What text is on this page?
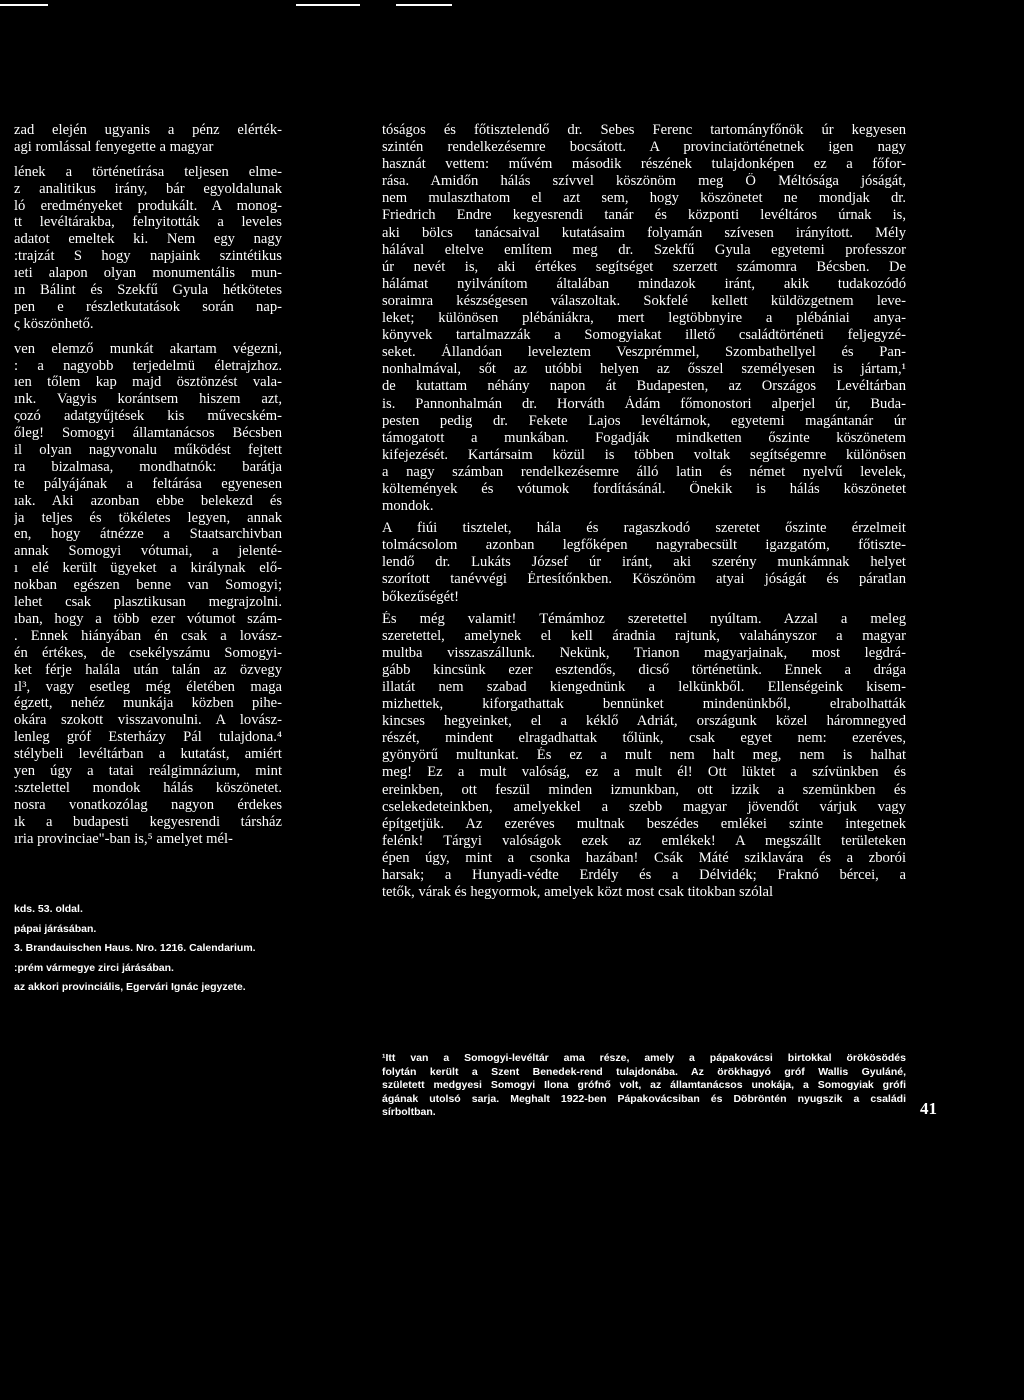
zad elején ugyanis a pénz elérték-
agi romlással fenyegette a magyar
lének a történetírása teljesen elme-
z analitikus irány, bár egyoldalunak
ló eredményeket produkált. A monog-
tt levéltárakba, felnyitották a leveles
adatot emeltek ki. Nem egy nagy
:trajzát S hogy napjaink szintétikus
ıeti alapon olyan monumentális mun-
ın Bálint és Szekfű Gyula hétkötetes
pen e részletkutatások során nap-
ς köszönhető.
ven elemző munkát akartam végezni,
: a nagyobb terjedelmü életrajzhoz.
ıen tőlem kap majd ösztönzést vala-
ınk. Vagyis korántsem hiszem azt,
ςozó adatgyűjtések kis művecském-
őleg! Somogyi államtanácsos Bécsben
il olyan nagyvonalu működést fejtett
ra bizalmasa, mondhatnók: barátja
te pályájának a feltárása egyenesen
ıak. Aki azonban ebbe belekezd és
ja teljes és tökéletes legyen, annak
en, hogy átnézze a Staatsarchivban
annak Somogyi vótumai, a jelenté-
ı elé került ügyeket a királynak elő-
nokban egészen benne van Somogyi;
lehet csak plasztikusan megrajzolni.
ıban, hogy a több ezer vótumot szám-
. Ennek hiányában én csak a lovász-
én értékes, de csekélyszámu Somogyi-
ket férje halála után talán az özvegy
ıl³, vagy esetleg még életében maga
égzett, nehéz munkája közben pihe-
okára szokott visszavonulni. A lovász-
lenleg gróf Esterházy Pál tulajdona.⁴
stélybeli levéltárban a kutatást, amiért
yen úgy a tatai reálgimnázium, mint
:sztelettel mondok hálás köszönetet.
nosra vonatkozólag nagyon érdekes
ık a budapesti kegyesrendi társház
ıria provinciae"-ban is,⁵ amelyet mél-
kds. 53. oldal.
pápai járásában.
3. Brandauischen Haus. Nro. 1216. Calendarium.
:prém vármegye zirci járásában.
az akkori provinciális, Egervári Ignác jegyzete.
tóságos és főtisztelendő dr. Sebes Ferenc tartományfőnök úr kegyesen
szintén rendelkezésemre bocsátott. A provinciatörténetnek igen nagy
hasznát vettem: művém második részének tulajdonképen ez a főfor-
rása. Amidőn hálás szívvel köszönöm meg Ő Méltósága jóságát,
nem mulaszthatom el azt sem, hogy köszönetet ne mondjak dr.
Friedrich Endre kegyesrendi tanár és központi levéltáros úrnak is,
aki bölcs tanácsaival kutatásaim folyamán szívesen irányított. Mély
hálával eltelve említem meg dr. Szekfű Gyula egyetemi professzor
úr nevét is, aki értékes segítséget szerzett számomra Bécsben. De
hálámat nyilvánítom általában mindazok iránt, akik tudakozódó
soraimra készségesen válaszoltak. Sokfelé kellett küldözgetnem leve-
leket; különösen plébániákra, mert legtöbbnyire a plébániai anya-
könyvek tartalmazzák a Somogyiakat illető családtörténeti feljegyzé-
seket. Állandóan leveleztem Veszprémmel, Szombathellyel és Pan-
nonhalmával, sőt az utóbbi helyen az ősszel személyesen is jártam,¹
de kutattam néhány napon át Budapesten, az Országos Levéltárban
is. Pannonhalmán dr. Horváth Ádám főmonostori alperjel úr, Buda-
pesten pedig dr. Fekete Lajos levéltárnok, egyetemi magántanár úr
támogatott a munkában. Fogadják mindketten őszinte köszönetem
kifejezését. Kartársaim közül is többen voltak segítségemre különösen
a nagy számban rendelkezésemre álló latin és német nyelvű levelek,
költemények és vótumok fordításánál. Őnekik is hálás köszönetet
mondok.
A fiúi tisztelet, hála és ragaszkodó szeretet őszinte érzelmeit
tolmácsolom azonban legfőképen nagyrabecsült igazgatóm, főtiszte-
lendő dr. Lukáts József úr iránt, aki szerény munkámnak helyet
szorított tanévvégi Értesítőnkben. Köszönöm atyai jóságát és páratlan
bőkezűségét!
És még valamit! Témámhoz szeretettel nyúltam. Azzal a meleg
szeretettel, amelynek el kell áradnia rajtunk, valahányszor a magyar
multba visszaszállunk. Nekünk, Trianon magyarjainak, most legdrá-
gább kincsünk ezer esztendős, dicső történetünk. Ennek a drága
illatát nem szabad kiengednünk a lelkünkből. Ellenségeink kisem-
mizhettek, kiforgathattak bennünket mindenünkből, elrabolhatták
kincses hegyeinket, el a kéklő Adriát, országunk közel háromnegyed
részét, mindent elragadhattak tőlünk, csak egyet nem: ezeréves,
gyönyörű multunkat. És ez a mult nem halt meg, nem is halhat
meg! Ez a mult valóság, ez a mult él! Ott lüktet a szívünkben és
ereinkben, ott feszül minden izmunkban, ott izzik a szemünkben és
cselekedeteinkben, amelyekkel a szebb magyar jövendőt várjuk vagy
építgetjük. Az ezeréves multnak beszédes emlékei szinte integetnek
felénk! Tárgyi valóságok ezek az emlékek! A megszállt területeken
épen úgy, mint a csonka hazában! Csák Máté sziklavára és a zborói
harsak; a Hunyadi-védte Erdély és a Délvidék; Fraknó bércei, a
tetők, várak és hegyormok, amelyek közt most csak titokban szólal
¹Itt van a Somogyi-levéltár ama része, amely a pápakovácsi birtokkal örökösödés
folytán került a Szent Benedek-rend tulajdonába. Az örökhagyó gróf Wallis Gyuláné,
született medgyesi Somogyi Ilona grófnő volt, az államtanácsos unokája, a Somogyiak grófi
ágának utolsó sarja. Meghalt 1922-ben Pápakovácsiban és Döbröntén nyugszik a családi
sírboltban.	41
